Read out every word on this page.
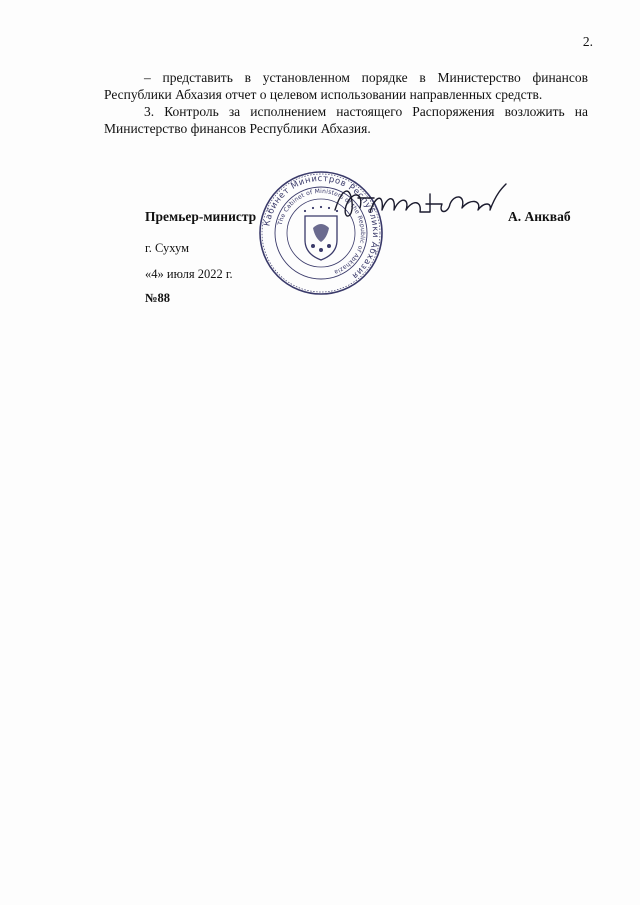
2.

– представить в установленном порядке в Министерство финансов Республики Абхазия отчет о целевом использовании направленных средств.

3. Контроль за исполнением настоящего Распоряжения возложить на Министерство финансов Республики Абхазия.

Премьер-министр Кабинет Министров Республики Абхазия
The Cabinet of Ministers of the Republic of Abkhazia
А. Анкваб
г. Сухум
«4» июля 2022 г.
№88
